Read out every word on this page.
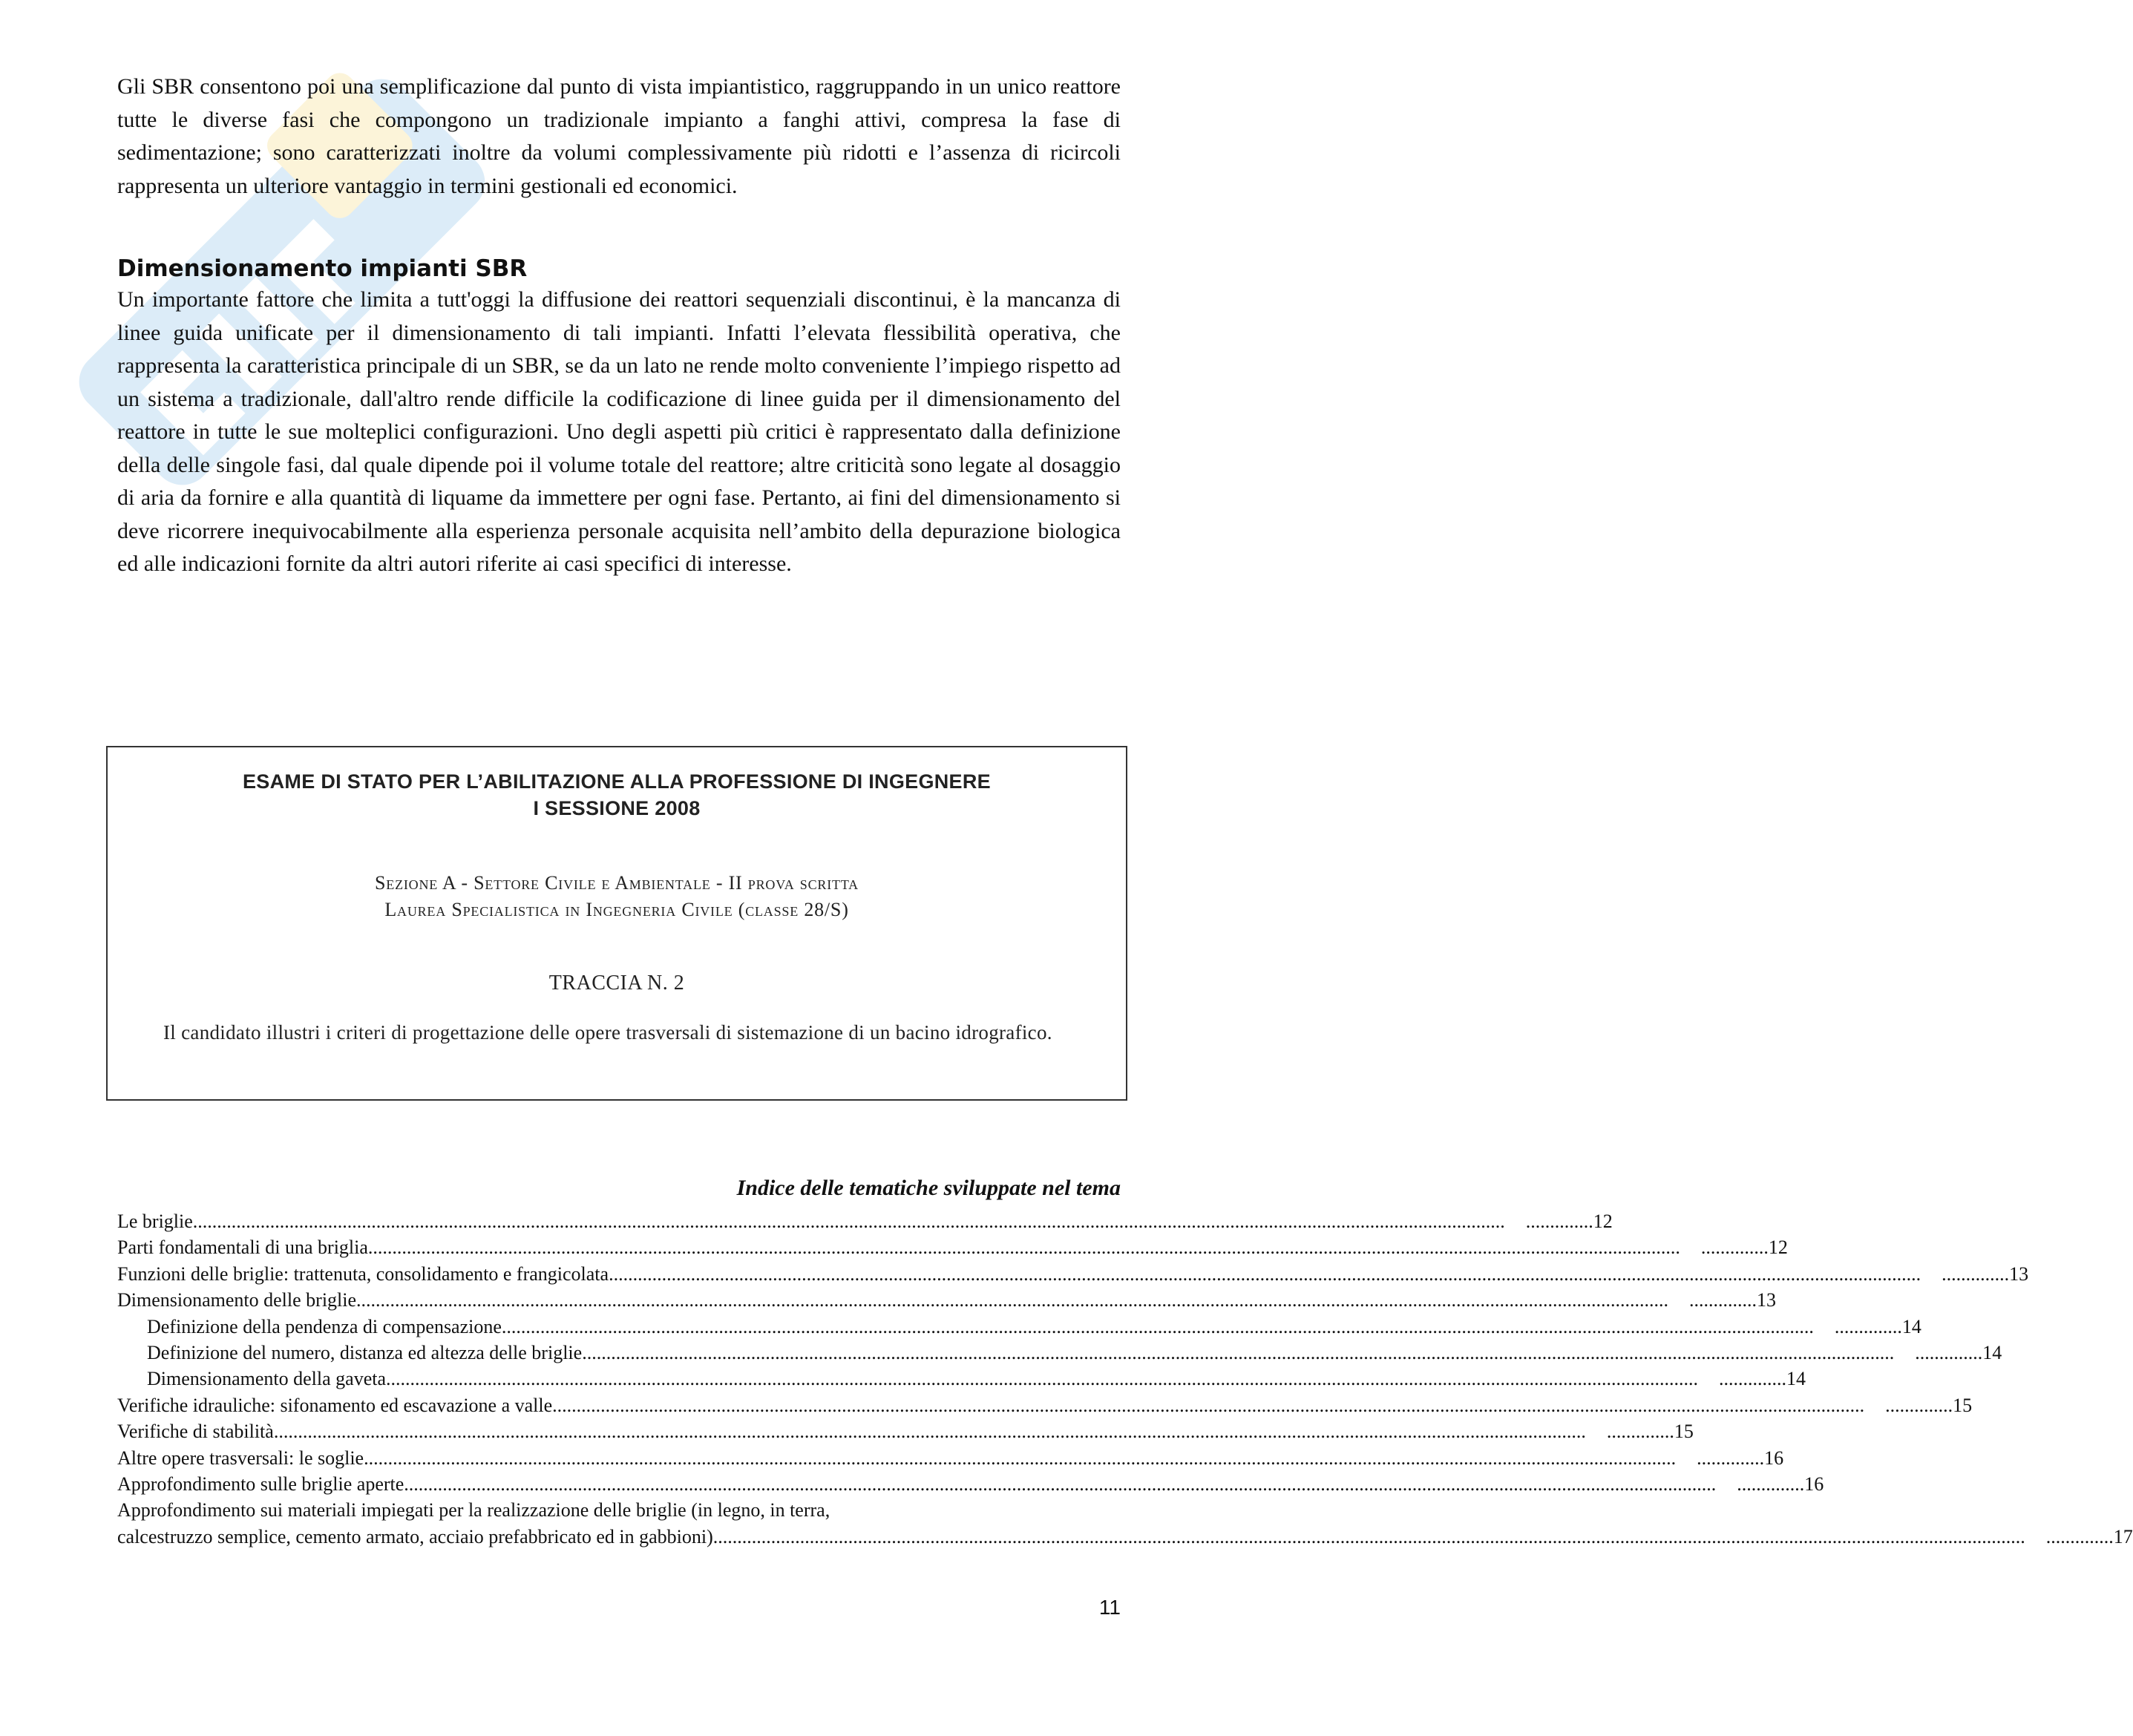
Gli SBR consentono poi una semplificazione dal punto di vista impiantistico, raggruppando in un unico reattore tutte le diverse fasi che compongono un tradizionale impianto a fanghi attivi, compresa la fase di sedimentazione; sono caratterizzati inoltre da volumi complessivamente più ridotti e l’assenza di ricircoli rappresenta un ulteriore vantaggio in termini gestionali ed economici.

Dimensionamento impianti SBR

Un importante fattore che limita a tutt'oggi la diffusione dei reattori sequenziali discontinui, è la mancanza di linee guida unificate per il dimensionamento di tali impianti. Infatti l’elevata flessibilità operativa, che rappresenta la caratteristica principale di un SBR, se da un lato ne rende molto conveniente l’impiego rispetto ad un sistema a tradizionale, dall'altro rende difficile la codificazione di linee guida per il dimensionamento del reattore in tutte le sue molteplici configurazioni. Uno degli aspetti più critici è rappresentato dalla definizione della delle singole fasi, dal quale dipende poi il volume totale del reattore; altre criticità sono legate al dosaggio di aria da fornire e alla quantità di liquame da immettere per ogni fase. Pertanto, ai fini del dimensionamento si deve ricorrere inequivocabilmente alla esperienza personale acquisita nell’ambito della depurazione biologica ed alle indicazioni fornite da altri autori riferite ai casi specifici di interesse.

ESAME DI STATO PER L’ABILITAZIONE ALLA PROFESSIONE DI INGEGNERE

I SESSIONE 2008

Sezione A - Settore Civile e Ambientale - II prova scritta

Laurea Specialistica in Ingegneria Civile (classe 28/S)

TRACCIA N. 2

Il candidato illustri i criteri di progettazione delle opere trasversali di sistemazione di un bacino idrografico.

Indice delle tematiche sviluppate nel tema
Le briglie .....	..... 12
Parti fondamentali di una briglia .....	..... 12
Funzioni delle briglie: trattenuta, consolidamento e frangicolata .....	..... 13
Dimensionamento delle briglie .....	..... 13
Definizione della pendenza di compensazione .....	..... 14
Definizione del numero, distanza ed altezza delle briglie .....	..... 14
Dimensionamento della gaveta .....	..... 14
Verifiche idrauliche: sifonamento ed escavazione a valle .....	..... 15
Verifiche di stabilità .....	..... 15
Altre opere trasversali: le soglie .....	..... 16
Approfondimento sulle briglie aperte .....	..... 16
Approfondimento sui materiali impiegati per la realizzazione delle briglie (in legno, in terra,
calcestruzzo semplice, cemento armato, acciaio prefabbricato ed in gabbioni) .....	..... 17

11
